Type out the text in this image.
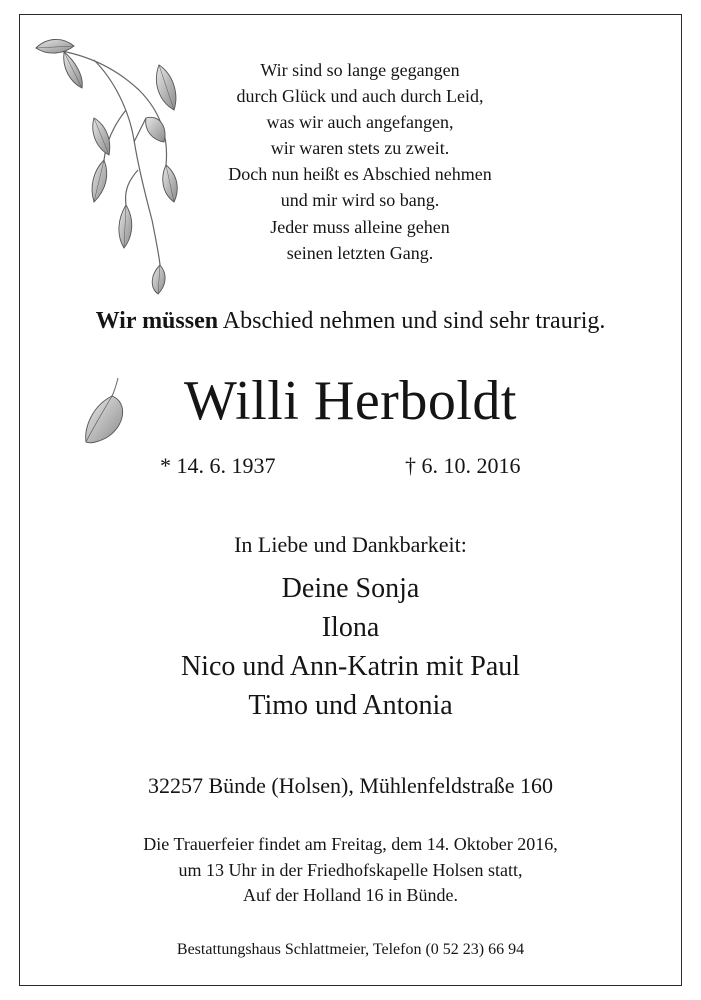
Wir sind so lange gegangen
durch Glück und auch durch Leid,
was wir auch angefangen,
wir waren stets zu zweit.
Doch nun heißt es Abschied nehmen
und mir wird so bang.
Jeder muss alleine gehen
seinen letzten Gang.
Wir müssen Abschied nehmen und sind sehr traurig.
Willi Herboldt
* 14. 6. 1937	† 6. 10. 2016
In Liebe und Dankbarkeit:
Deine Sonja
Ilona
Nico und Ann-Katrin mit Paul
Timo und Antonia
32257 Bünde (Holsen), Mühlenfeldstraße 160
Die Trauerfeier findet am Freitag, dem 14. Oktober 2016,
um 13 Uhr in der Friedhofskapelle Holsen statt,
Auf der Holland 16 in Bünde.
Bestattungshaus Schlattmeier, Telefon (0 52 23) 66 94
